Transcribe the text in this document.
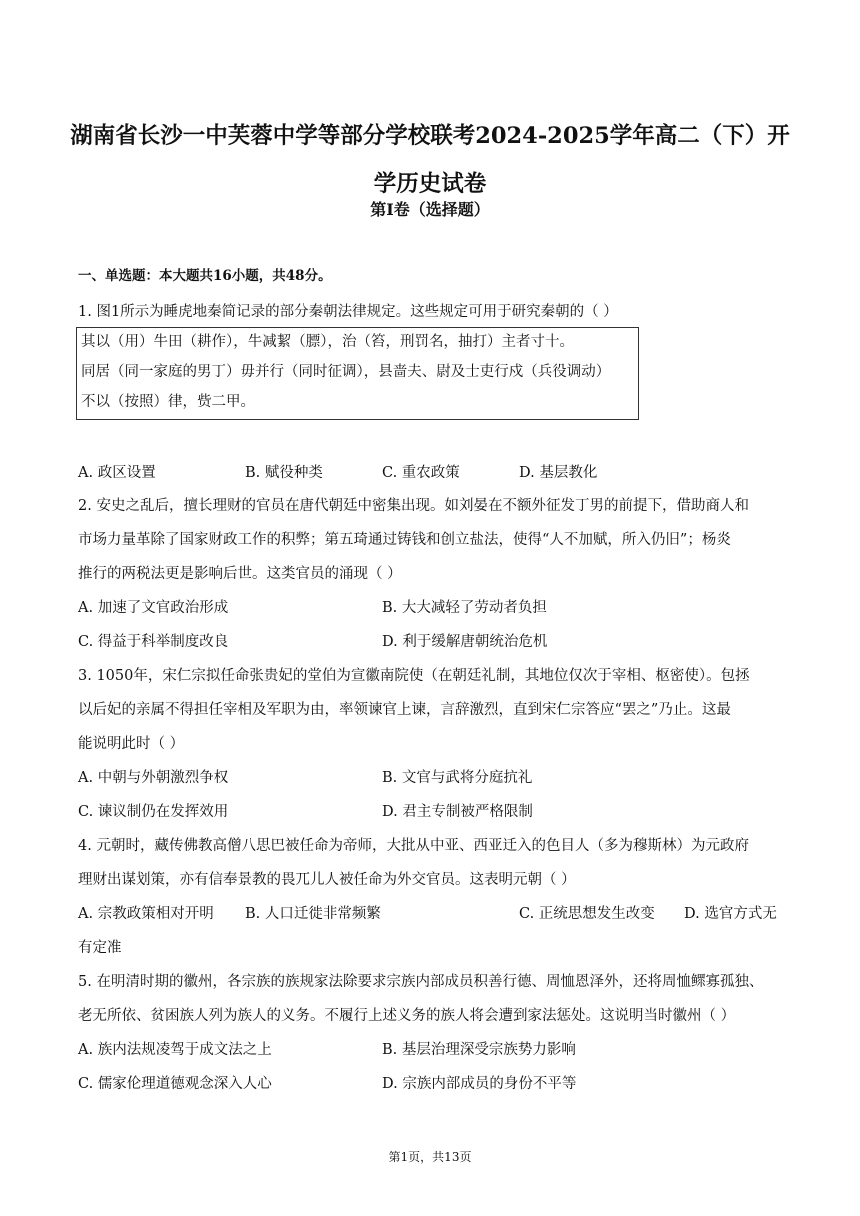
湖南省长沙一中芙蓉中学等部分学校联考2024-2025学年高二（下）开学历史试卷
第Ⅰ卷（选择题）
一、单选题：本大题共16小题，共48分。
1. 图1所示为睡虎地秦简记录的部分秦朝法律规定。这些规定可用于研究秦朝的（ ）
其以（用）牛田（耕作），牛减絜（膘），治（笞，刑罚名，抽打）主者寸十。
同居（同一家庭的男丁）毋并行（同时征调），县啬夫、尉及士吏行戍（兵役调动）
不以（按照）律，赀二甲。
A. 政区设置	B. 赋役种类	C. 重农政策	D. 基层教化
2. 安史之乱后，擅长理财的官员在唐代朝廷中密集出现。如刘晏在不额外征发丁男的前提下，借助商人和
市场力量革除了国家财政工作的积弊；第五琦通过铸钱和创立盐法，使得“人不加赋，所入仍旧”；杨炎
推行的两税法更是影响后世。这类官员的涌现（ ）
A. 加速了文官政治形成	B. 大大减轻了劳动者负担
C. 得益于科举制度改良	D. 利于缓解唐朝统治危机
3. 1050年，宋仁宗拟任命张贵妃的堂伯为宣徽南院使（在朝廷礼制，其地位仅次于宰相、枢密使）。包拯
以后妃的亲属不得担任宰相及军职为由，率领谏官上谏，言辞激烈，直到宋仁宗答应“罢之”乃止。这最
能说明此时（ ）
A. 中朝与外朝激烈争权	B. 文官与武将分庭抗礼
C. 谏议制仍在发挥效用	D. 君主专制被严格限制
4. 元朝时，藏传佛教高僧八思巴被任命为帝师，大批从中亚、西亚迁入的色目人（多为穆斯林）为元政府
理财出谋划策，亦有信奉景教的畏兀儿人被任命为外交官员。这表明元朝（ ）
A. 宗教政策相对开明 B. 人口迁徙非常频繁	C. 正统思想发生改变 D. 选官方式无
有定准
5. 在明清时期的徽州，各宗族的族规家法除要求宗族内部成员积善行德、周恤恩泽外，还将周恤鳏寡孤独、
老无所依、贫困族人列为族人的义务。不履行上述义务的族人将会遭到家法惩处。这说明当时徽州（ ）
A. 族内法规凌驾于成文法之上	B. 基层治理深受宗族势力影响
C. 儒家伦理道德观念深入人心	D. 宗族内部成员的身份不平等
第1页，共13页
